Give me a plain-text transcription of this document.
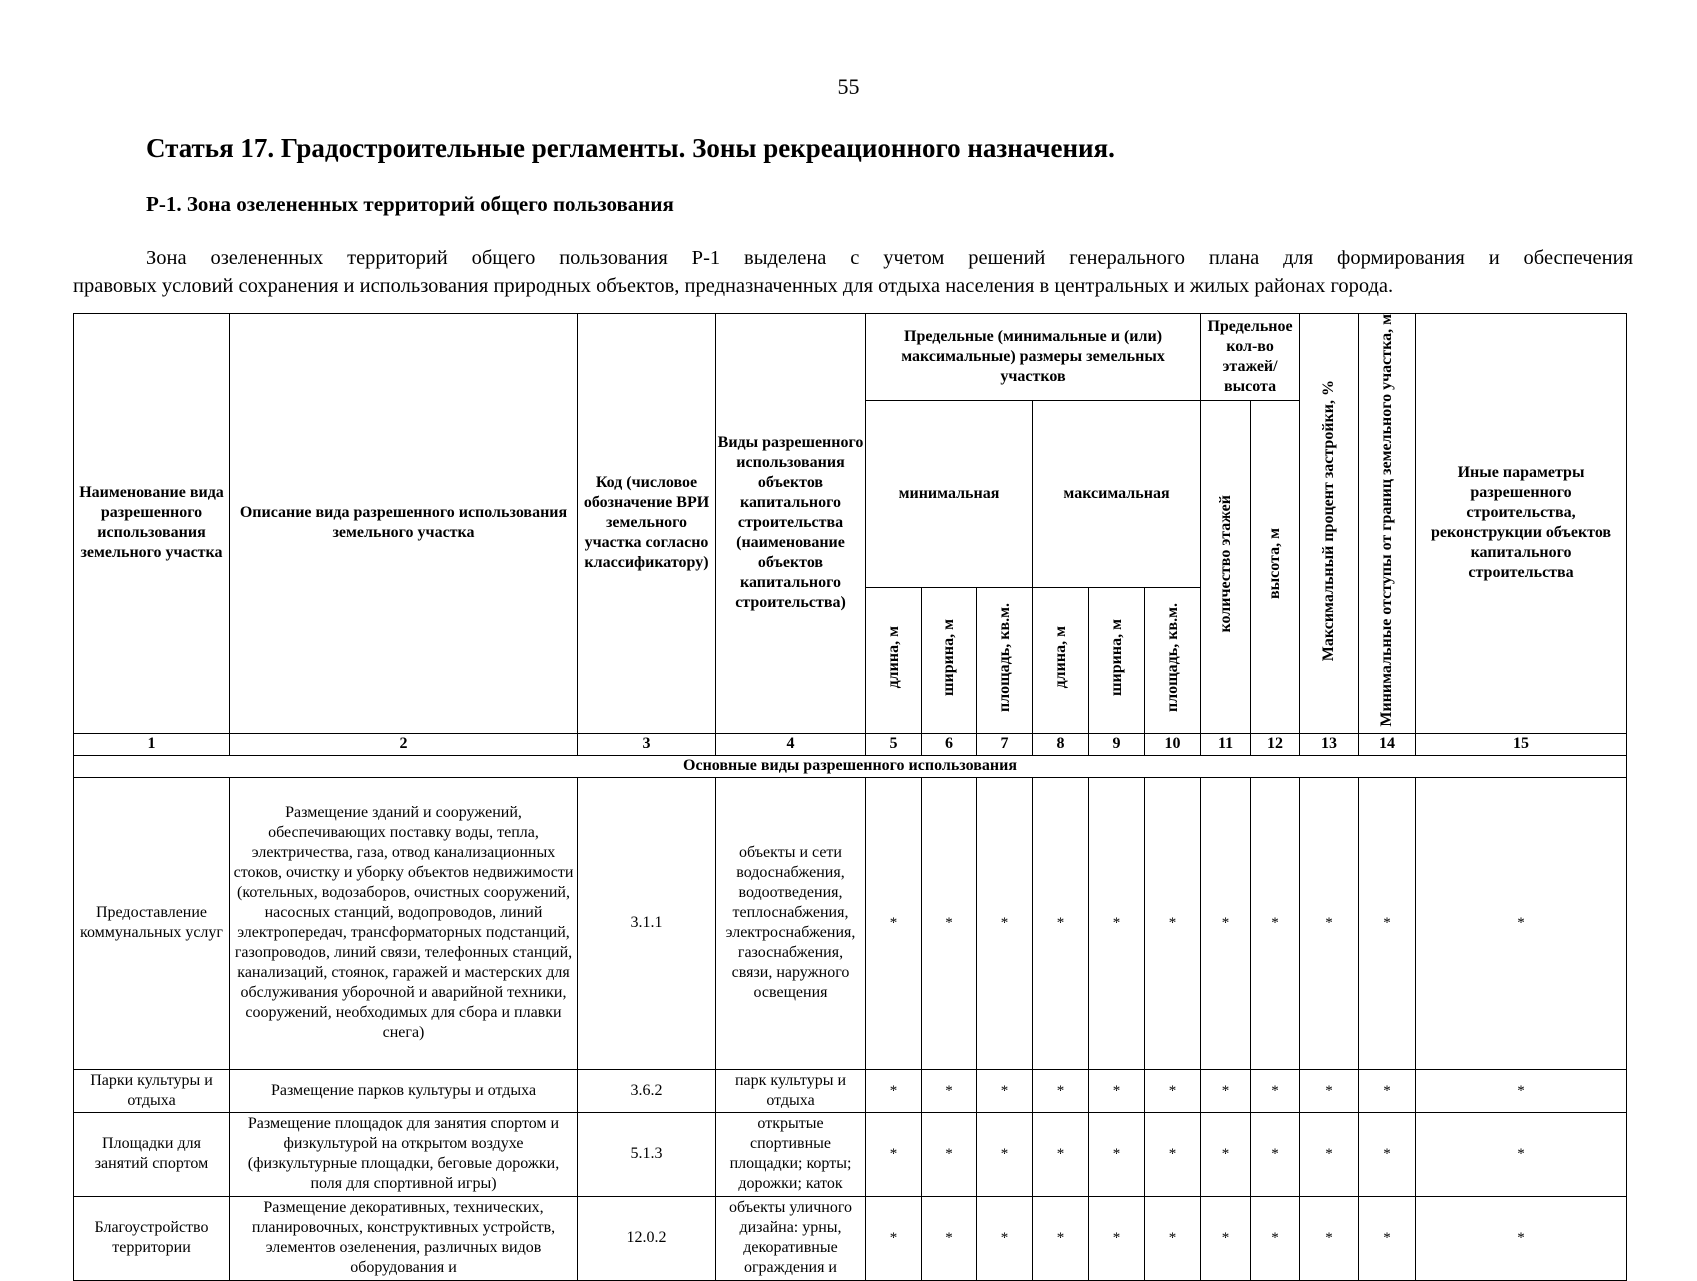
55
Статья 17. Градостроительные регламенты. Зоны рекреационного назначения.
Р-1. Зона озелененных территорий общего пользования
Зона озелененных территорий общего пользования Р-1 выделена с учетом решений генерального плана для формирования и обеспечения
правовых условий сохранения и использования природных объектов, предназначенных для отдыха населения в центральных и жилых районах города.
Наименование вида разрешенного использования земельного участка	Описание вида разрешенного использования земельного участка	Код (числовое обозначение ВРИ земельного участка согласно классификатору)	Виды разрешенного использования объектов капитального строительства (наименование объектов капитального строительства)	Предельные (минимальные и (или) максимальные) размеры земельных участков						Предельное кол-во этажей/ высота		Максимальный процент застройки, %	Минимальные отступы от границ земельного участка, м	Иные параметры разрешенного строительства, реконструкции объектов капитального строительства
				минимальная			максимальная			количество этажей	высота, м			
				длина, м	ширина, м	площадь, кв.м.	длина, м	ширина, м	площадь, кв.м.					
1	2	3	4	5	6	7	8	9	10	11	12	13	14	15
Основные виды разрешенного использования														
Предоставление коммунальных услуг	Размещение зданий и сооружений, обеспечивающих поставку воды, тепла, электричества, газа, отвод канализационных стоков, очистку и уборку объектов недвижимости (котельных, водозаборов, очистных сооружений, насосных станций, водопроводов, линий электропередач, трансформаторных подстанций, газопроводов, линий связи, телефонных станций, канализаций, стоянок, гаражей и мастерских для обслуживания уборочной и аварийной техники, сооружений, необходимых для сбора и плавки снега)	3.1.1	объекты и сети водоснабжения, водоотведения, теплоснабжения, электроснабжения, газоснабжения, связи, наружного освещения	*	*	*	*	*	*	*	*	*	*	*
Парки культуры и отдыха	Размещение парков культуры и отдыха	3.6.2	парк культуры и отдыха	*	*	*	*	*	*	*	*	*	*	*
Площадки для занятий спортом	Размещение площадок для занятия спортом и физкультурой на открытом воздухе (физкультурные площадки, беговые дорожки, поля для спортивной игры)	5.1.3	открытые спортивные площадки; корты; дорожки; каток	*	*	*	*	*	*	*	*	*	*	*
Благоустройство территории	Размещение декоративных, технических, планировочных, конструктивных устройств, элементов озеленения, различных видов оборудования и	12.0.2	объекты уличного дизайна: урны, декоративные ограждения и	*	*	*	*	*	*	*	*	*	*	*
